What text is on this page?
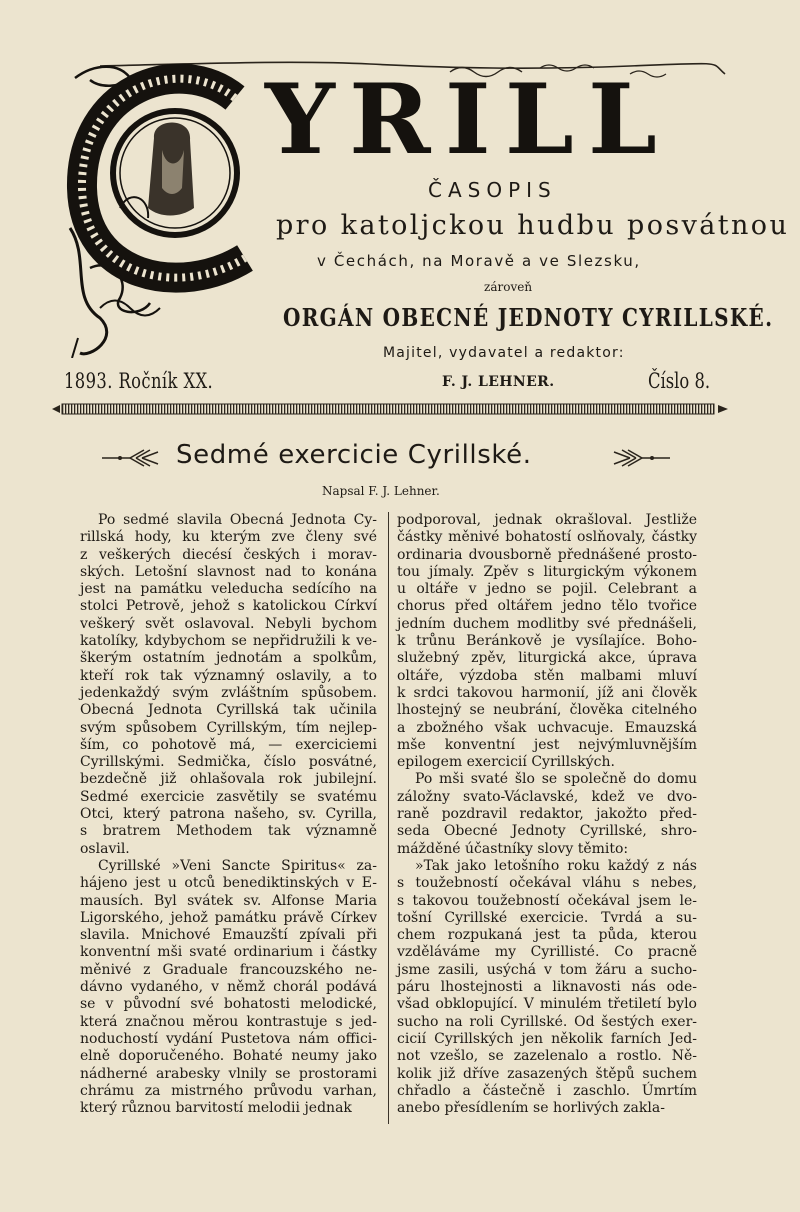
YRILL
ČASOPIS
pro katoljckou hudbu posvátnou
v Čechách, na Moravě a ve Slezsku,
zároveň
ORGÁN OBECNÉ JEDNOTY CYRILLSKÉ.
Majitel, vydavatel a redaktor:
1893. Ročník XX.	F. J. LEHNER.	Číslo 8.
Sedmé exercicie Cyrillské.
Napsal F. J. Lehner.
Po sedmé slavila Obecná Jednota Cy-
rillská hody, ku kterým zve členy své
z veškerých diecésí českých i morav-
ských. Letošní slavnost nad to konána
jest na památku veleducha sedícího na
stolci Petrově, jehož s katolickou Církví
veškerý svět oslavoval. Nebyli bychom
katolíky, kdybychom se nepřidružili k ve-
škerým ostatním jednotám a spolkům,
kteří rok tak významný oslavily, a to
jedenkaždý svým zvláštním spůsobem.
Obecná Jednota Cyrillská tak učinila
svým spůsobem Cyrillským, tím nejlep-
ším, co pohotově má, — exerciciemi
Cyrillskými. Sedmička, číslo posvátné,
bezdečně již ohlašovala rok jubilejní.
Sedmé exercicie zasvětily se svatému
Otci, který patrona našeho, sv. Cyrilla,
s bratrem Methodem tak významně
oslavil.
Cyrillské »Veni Sancte Spiritus« za-
hájeno jest u otců benediktinských v E-
mausích. Byl svátek sv. Alfonse Maria
Ligorského, jehož památku právě Církev
slavila. Mnichové Emauzští zpívali při
konventní mši svaté ordinarium i částky
měnivé z Graduale francouzského ne-
dávno vydaného, v němž chorál podává
se v původní své bohatosti melodické,
která značnou měrou kontrastuje s jed-
noduchostí vydání Pustetova nám offici-
elně doporučeného. Bohaté neumy jako
nádherné arabesky vlnily se prostorami
chrámu za mistrného průvodu varhan,
který různou barvitostí melodii jednak
podporoval, jednak okrašloval. Jestliže
částky měnivé bohatostí oslňovaly, částky
ordinaria dvousborně přednášené prosto-
tou jímaly. Zpěv s liturgickým výkonem
u oltáře v jedno se pojil. Celebrant a
chorus před oltářem jedno tělo tvořice
jedním duchem modlitby své přednášeli,
k trůnu Beránkově je vysílajíce. Boho-
služebný zpěv, liturgická akce, úprava
oltáře, výzdoba stěn malbami mluví
k srdci takovou harmonií, jíž ani člověk
lhostejný se neubrání, člověka citelného
a zbožného však uchvacuje. Emauzská
mše konventní jest nejvýmluvnějším
epilogem exercicií Cyrillských.
Po mši svaté šlo se společně do domu
záložny svato-Václavské, kdež ve dvo-
raně pozdravil redaktor, jakožto před-
seda Obecné Jednoty Cyrillské, shro-
mážděné účastníky slovy těmito:
»Tak jako letošního roku každý z nás
s toužebností očekával vláhu s nebes,
s takovou toužebností očekával jsem le-
tošní Cyrillské exercicie. Tvrdá a su-
chem rozpukaná jest ta půda, kterou
vzděláváme my Cyrillisté. Co pracně
jsme zasili, usýchá v tom žáru a sucho-
páru lhostejnosti a liknavosti nás ode-
všad obklopující. V minulém třetiletí bylo
sucho na roli Cyrillské. Od šestých exer-
cicií Cyrillských jen několik farních Jed-
not vzešlo, se zazelenalo a rostlo. Ně-
kolik již dříve zasazených štěpů suchem
chřadlo a částečně i zaschlo. Úmrtím
anebo přesídlením se horlivých zakla-
